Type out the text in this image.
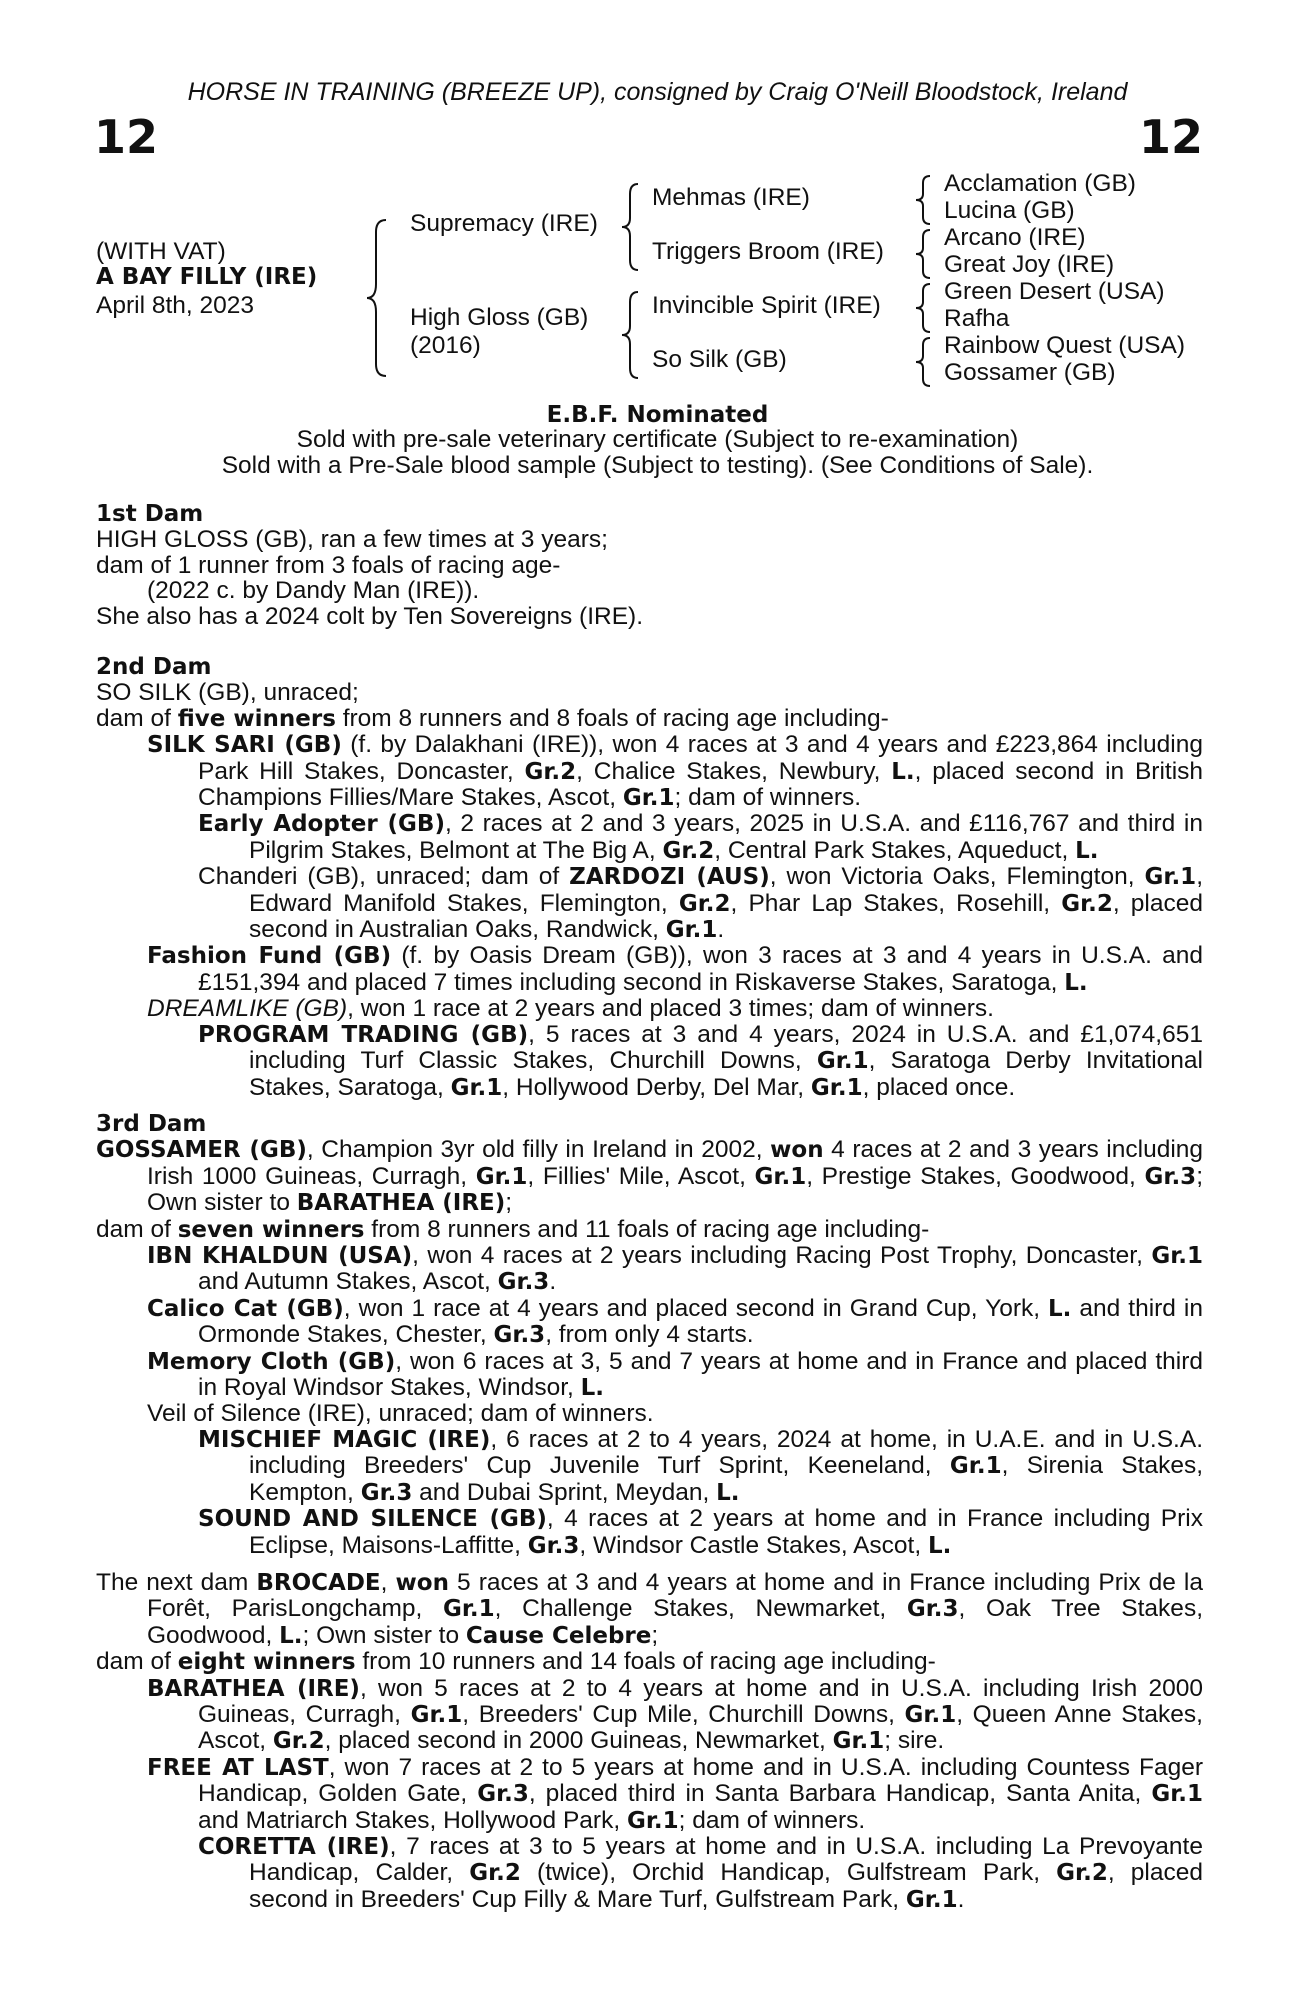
HORSE IN TRAINING (BREEZE UP), consigned by Craig O'Neill Bloodstock, Ireland
12	12
(WITH VAT)
A BAY FILLY (IRE)
April 8th, 2023
Supremacy (IRE)
High Gloss (GB)
(2016)
Mehmas (IRE)
Triggers Broom (IRE)
Invincible Spirit (IRE)
So Silk (GB)
Acclamation (GB)
Lucina (GB)
Arcano (IRE)
Great Joy (IRE)
Green Desert (USA)
Rafha
Rainbow Quest (USA)
Gossamer (GB)
E.B.F. Nominated
Sold with pre-sale veterinary certificate (Subject to re-examination)
Sold with a Pre-Sale blood sample (Subject to testing). (See Conditions of Sale).

1st Dam

HIGH GLOSS (GB), ran a few times at 3 years;

dam of 1 runner from 3 foals of racing age-

(2022 c. by Dandy Man (IRE)).

She also has a 2024 colt by Ten Sovereigns (IRE).

2nd Dam

SO SILK (GB), unraced;

dam of five winners from 8 runners and 8 foals of racing age including-

SILK SARI (GB) (f. by Dalakhani (IRE)), won 4 races at 3 and 4 years and £223,864 including Park Hill Stakes, Doncaster, Gr.2, Chalice Stakes, Newbury, L., placed second in British Champions Fillies/Mare Stakes, Ascot, Gr.1; dam of winners.

Early Adopter (GB), 2 races at 2 and 3 years, 2025 in U.S.A. and £116,767 and third in Pilgrim Stakes, Belmont at The Big A, Gr.2, Central Park Stakes, Aqueduct, L.

Chanderi (GB), unraced; dam of ZARDOZI (AUS), won Victoria Oaks, Flemington, Gr.1, Edward Manifold Stakes, Flemington, Gr.2, Phar Lap Stakes, Rosehill, Gr.2, placed second in Australian Oaks, Randwick, Gr.1.

Fashion Fund (GB) (f. by Oasis Dream (GB)), won 3 races at 3 and 4 years in U.S.A. and £151,394 and placed 7 times including second in Riskaverse Stakes, Saratoga, L.

DREAMLIKE (GB), won 1 race at 2 years and placed 3 times; dam of winners.

PROGRAM TRADING (GB), 5 races at 3 and 4 years, 2024 in U.S.A. and £1,074,651 including Turf Classic Stakes, Churchill Downs, Gr.1, Saratoga Derby Invitational Stakes, Saratoga, Gr.1, Hollywood Derby, Del Mar, Gr.1, placed once.

3rd Dam

GOSSAMER (GB), Champion 3yr old filly in Ireland in 2002, won 4 races at 2 and 3 years including Irish 1000 Guineas, Curragh, Gr.1, Fillies' Mile, Ascot, Gr.1, Prestige Stakes, Goodwood, Gr.3; Own sister to BARATHEA (IRE);

dam of seven winners from 8 runners and 11 foals of racing age including-

IBN KHALDUN (USA), won 4 races at 2 years including Racing Post Trophy, Doncaster, Gr.1 and Autumn Stakes, Ascot, Gr.3.

Calico Cat (GB), won 1 race at 4 years and placed second in Grand Cup, York, L. and third in Ormonde Stakes, Chester, Gr.3, from only 4 starts.

Memory Cloth (GB), won 6 races at 3, 5 and 7 years at home and in France and placed third in Royal Windsor Stakes, Windsor, L.

Veil of Silence (IRE), unraced; dam of winners.

MISCHIEF MAGIC (IRE), 6 races at 2 to 4 years, 2024 at home, in U.A.E. and in U.S.A. including Breeders' Cup Juvenile Turf Sprint, Keeneland, Gr.1, Sirenia Stakes, Kempton, Gr.3 and Dubai Sprint, Meydan, L.

SOUND AND SILENCE (GB), 4 races at 2 years at home and in France including Prix Eclipse, Maisons-Laffitte, Gr.3, Windsor Castle Stakes, Ascot, L.

The next dam BROCADE, won 5 races at 3 and 4 years at home and in France including Prix de la Forêt, ParisLongchamp, Gr.1, Challenge Stakes, Newmarket, Gr.3, Oak Tree Stakes, Goodwood, L.; Own sister to Cause Celebre;

dam of eight winners from 10 runners and 14 foals of racing age including-

BARATHEA (IRE), won 5 races at 2 to 4 years at home and in U.S.A. including Irish 2000 Guineas, Curragh, Gr.1, Breeders' Cup Mile, Churchill Downs, Gr.1, Queen Anne Stakes, Ascot, Gr.2, placed second in 2000 Guineas, Newmarket, Gr.1; sire.

FREE AT LAST, won 7 races at 2 to 5 years at home and in U.S.A. including Countess Fager Handicap, Golden Gate, Gr.3, placed third in Santa Barbara Handicap, Santa Anita, Gr.1 and Matriarch Stakes, Hollywood Park, Gr.1; dam of winners.

CORETTA (IRE), 7 races at 3 to 5 years at home and in U.S.A. including La Prevoyante Handicap, Calder, Gr.2 (twice), Orchid Handicap, Gulfstream Park, Gr.2, placed second in Breeders' Cup Filly & Mare Turf, Gulfstream Park, Gr.1.
